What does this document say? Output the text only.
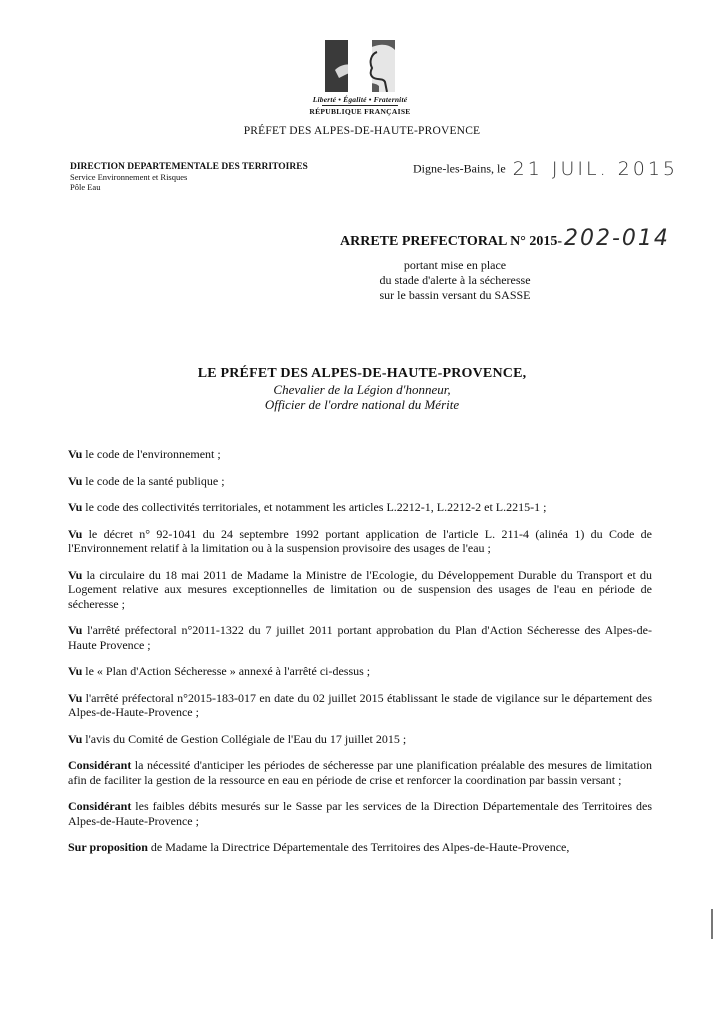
Liberté • Égalité • Fraternité
RÉPUBLIQUE FRANÇAISE
PRÉFET DES ALPES-DE-HAUTE-PROVENCE
DIRECTION DEPARTEMENTALE DES TERRITOIRES
Service Environnement et Risques
Pôle Eau
Digne-les-Bains, le 21 JUIL. 2015
ARRETE PREFECTORAL N° 2015-202-014
portant mise en place
du stade d'alerte à la sécheresse
sur le bassin versant du SASSE
LE PRÉFET DES ALPES-DE-HAUTE-PROVENCE,
Chevalier de la Légion d'honneur,
Officier de l'ordre national du Mérite

Vu le code de l'environnement ;

Vu le code de la santé publique ;

Vu le code des collectivités territoriales, et notamment les articles L.2212-1, L.2212-2 et L.2215-1 ;

Vu le décret n° 92-1041 du 24 septembre 1992 portant application de l'article L. 211-4 (alinéa 1) du Code de l'Environnement relatif à la limitation ou à la suspension provisoire des usages de l'eau ;

Vu la circulaire du 18 mai 2011 de Madame la Ministre de l'Ecologie, du Développement Durable du Transport et du Logement relative aux mesures exceptionnelles de limitation ou de suspension des usages de l'eau en période de sécheresse ;

Vu l'arrêté préfectoral n°2011-1322 du 7 juillet 2011 portant approbation du Plan d'Action Sécheresse des Alpes-de-Haute Provence ;

Vu le « Plan d'Action Sécheresse » annexé à l'arrêté ci-dessus ;

Vu l'arrêté préfectoral n°2015-183-017 en date du 02 juillet 2015 établissant le stade de vigilance sur le département des Alpes-de-Haute-Provence ;

Vu l'avis du Comité de Gestion Collégiale de l'Eau du 17 juillet 2015 ;

Considérant la nécessité d'anticiper les périodes de sécheresse par une planification préalable des mesures de limitation afin de faciliter la gestion de la ressource en eau en période de crise et renforcer la coordination par bassin versant ;

Considérant les faibles débits mesurés sur le Sasse par les services de la Direction Départementale des Territoires des Alpes-de-Haute-Provence ;

Sur proposition de Madame la Directrice Départementale des Territoires des Alpes-de-Haute-Provence,
